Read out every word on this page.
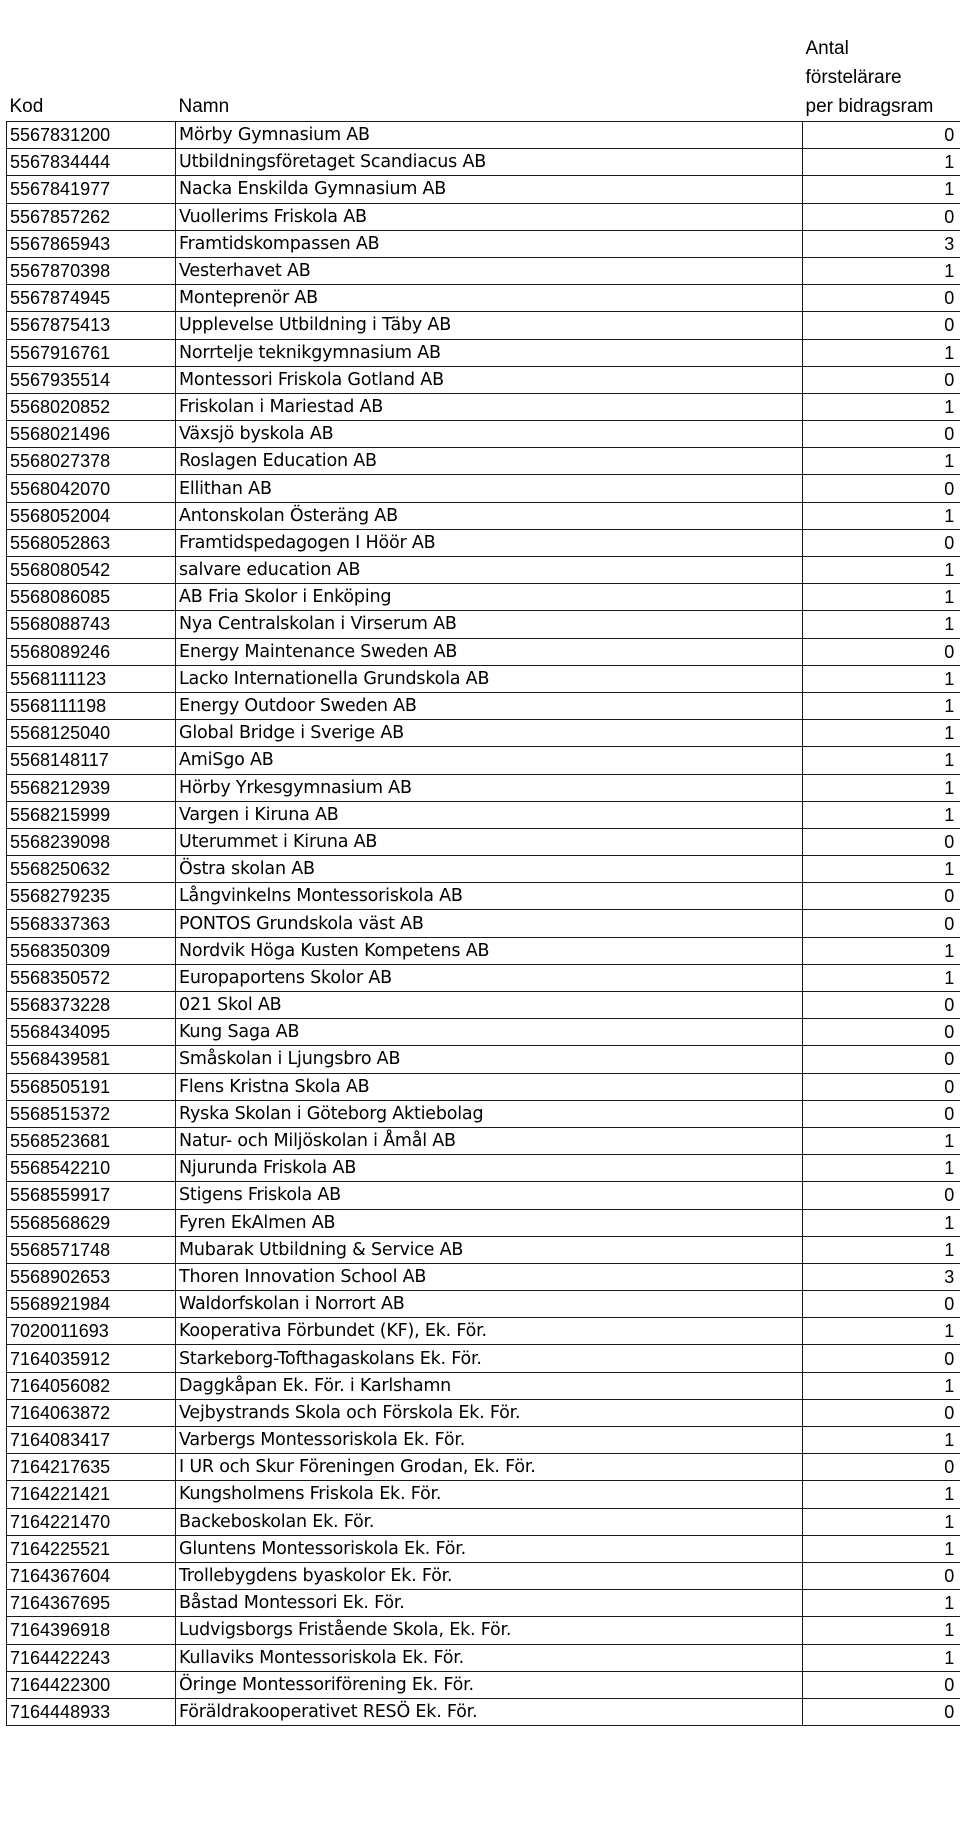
Kod	Namn	Antal
förstelärare
per bidragsram

5567831200	Mörby Gymnasium AB	0
5567834444	Utbildningsföretaget Scandiacus AB	1
5567841977	Nacka Enskilda Gymnasium AB	1
5567857262	Vuollerims Friskola AB	0
5567865943	Framtidskompassen AB	3
5567870398	Vesterhavet AB	1
5567874945	Monteprenör AB	0
5567875413	Upplevelse Utbildning i Täby AB	0
5567916761	Norrtelje teknikgymnasium AB	1
5567935514	Montessori Friskola Gotland AB	0
5568020852	Friskolan i Mariestad AB	1
5568021496	Växsjö byskola AB	0
5568027378	Roslagen Education AB	1
5568042070	Ellithan AB	0
5568052004	Antonskolan Österäng AB	1
5568052863	Framtidspedagogen I Höör AB	0
5568080542	salvare education AB	1
5568086085	AB Fria Skolor i Enköping	1
5568088743	Nya Centralskolan i Virserum AB	1
5568089246	Energy Maintenance Sweden AB	0
5568111123	Lacko Internationella Grundskola AB	1
5568111198	Energy Outdoor Sweden AB	1
5568125040	Global Bridge i Sverige AB	1
5568148117	AmiSgo AB	1
5568212939	Hörby Yrkesgymnasium AB	1
5568215999	Vargen i Kiruna AB	1
5568239098	Uterummet i Kiruna AB	0
5568250632	Östra skolan AB	1
5568279235	Långvinkelns Montessoriskola AB	0
5568337363	PONTOS Grundskola väst AB	0
5568350309	Nordvik Höga Kusten Kompetens AB	1
5568350572	Europaportens Skolor AB	1
5568373228	021 Skol AB	0
5568434095	Kung Saga AB	0
5568439581	Småskolan i Ljungsbro AB	0
5568505191	Flens Kristna Skola AB	0
5568515372	Ryska Skolan i Göteborg Aktiebolag	0
5568523681	Natur- och Miljöskolan i Åmål AB	1
5568542210	Njurunda Friskola AB	1
5568559917	Stigens Friskola AB	0
5568568629	Fyren EkAlmen AB	1
5568571748	Mubarak Utbildning & Service AB	1
5568902653	Thoren Innovation School AB	3
5568921984	Waldorfskolan i Norrort AB	0
7020011693	Kooperativa Förbundet (KF), Ek. För.	1
7164035912	Starkeborg-Tofthagaskolans Ek. För.	0
7164056082	Daggkåpan Ek. För. i Karlshamn	1
7164063872	Vejbystrands Skola och Förskola Ek. För.	0
7164083417	Varbergs Montessoriskola Ek. För.	1
7164217635	I UR och Skur Föreningen Grodan, Ek. För.	0
7164221421	Kungsholmens Friskola Ek. För.	1
7164221470	Backeboskolan Ek. För.	1
7164225521	Gluntens Montessoriskola Ek. För.	1
7164367604	Trollebygdens byaskolor Ek. För.	0
7164367695	Båstad Montessori Ek. För.	1
7164396918	Ludvigsborgs Fristående Skola, Ek. För.	1
7164422243	Kullaviks Montessoriskola Ek. För.	1
7164422300	Öringe Montessoriförening Ek. För.	0
7164448933	Föräldrakooperativet RESÖ Ek. För.	0
